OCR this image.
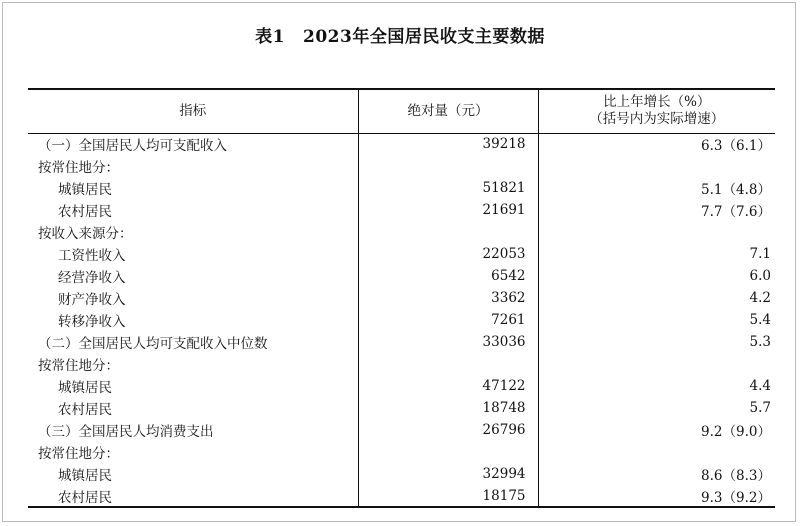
表1 2023年全国居民收支主要数据
指标	绝对量（元）	比上年增长（%）
（括号内为实际增速）

（一）全国居民人均可支配收入	39218	6.3（6.1）
按常住地分：		
城镇居民	51821	5.1（4.8）
农村居民	21691	7.7（7.6）
按收入来源分：		
工资性收入	22053	7.1
经营净收入	6542	6.0
财产净收入	3362	4.2
转移净收入	7261	5.4
（二）全国居民人均可支配收入中位数	33036	5.3
按常住地分：		
城镇居民	47122	4.4
农村居民	18748	5.7
（三）全国居民人均消费支出	26796	9.2（9.0）
按常住地分：		
城镇居民	32994	8.6（8.3）
农村居民	18175	9.3（9.2）
